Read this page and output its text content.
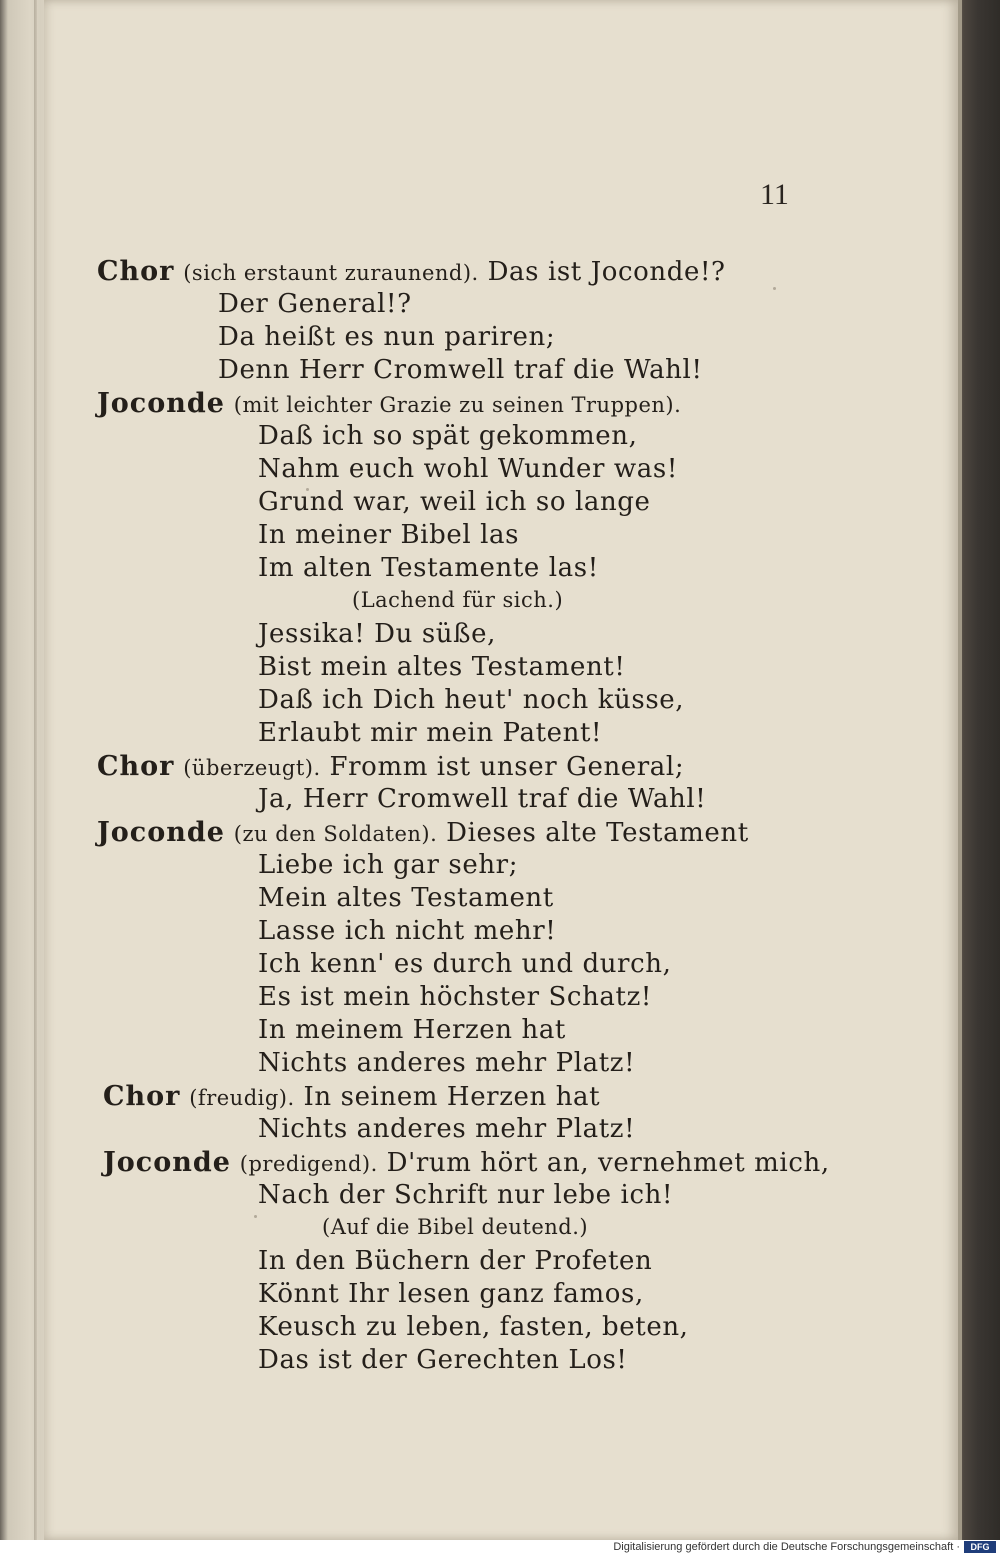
11
Chor (sich erstaunt zuraunend). Das ist Joconde!?
Der General!?
Da heißt es nun pariren;
Denn Herr Cromwell traf die Wahl!
Joconde (mit leichter Grazie zu seinen Truppen).
Daß ich so spät gekommen,
Nahm euch wohl Wunder was!
Grund war, weil ich so lange
In meiner Bibel las
Im alten Testamente las!
(Lachend für sich.)
Jessika! Du süße,
Bist mein altes Testament!
Daß ich Dich heut' noch küsse,
Erlaubt mir mein Patent!
Chor (überzeugt). Fromm ist unser General;
Ja, Herr Cromwell traf die Wahl!
Joconde (zu den Soldaten). Dieses alte Testament
Liebe ich gar sehr;
Mein altes Testament
Lasse ich nicht mehr!
Ich kenn' es durch und durch,
Es ist mein höchster Schatz!
In meinem Herzen hat
Nichts anderes mehr Platz!
Chor (freudig). In seinem Herzen hat
Nichts anderes mehr Platz!
Joconde (predigend). D'rum hört an, vernehmet mich,
Nach der Schrift nur lebe ich!
(Auf die Bibel deutend.)
In den Büchern der Profeten
Könnt Ihr lesen ganz famos,
Keusch zu leben, fasten, beten,
Das ist der Gerechten Los!
Digitalisierung gefördert durch die Deutsche Forschungsgemeinschaft ·	DFG
